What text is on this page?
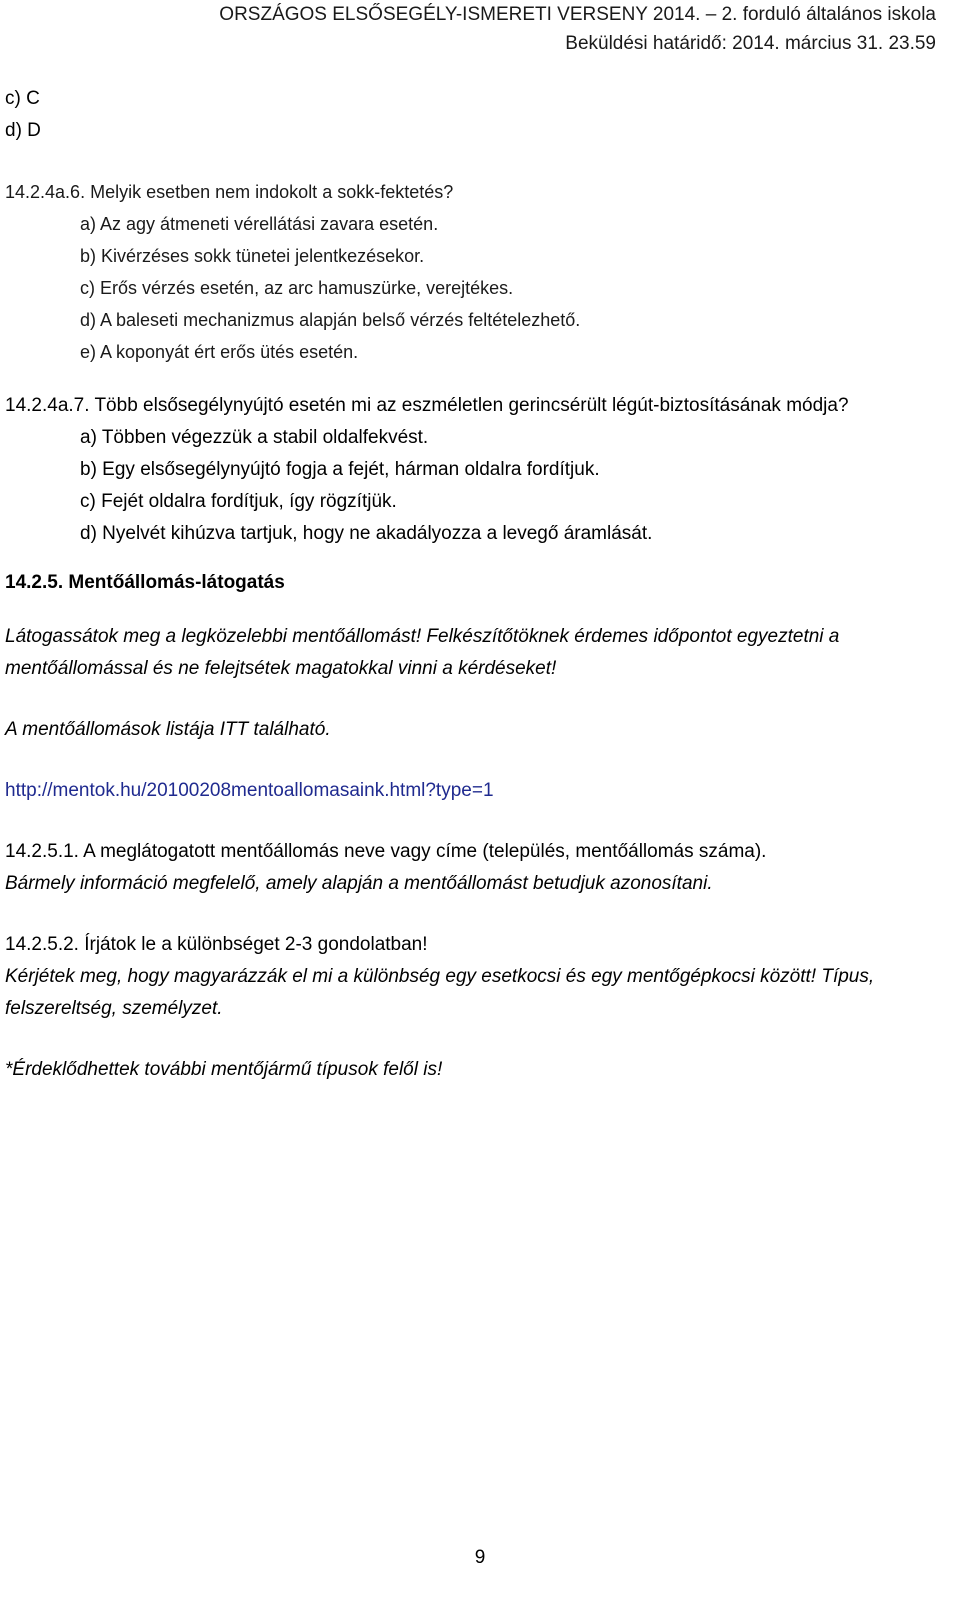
ORSZÁGOS ELSŐSEGÉLY-ISMERETI VERSENY 2014. – 2. forduló általános iskola
Beküldési határidő: 2014. március 31. 23.59
c) C
d) D
14.2.4a.6. Melyik esetben nem indokolt a sokk-fektetés?
a) Az agy átmeneti vérellátási zavara esetén.
b) Kivérzéses sokk tünetei jelentkezésekor.
c) Erős vérzés esetén, az arc hamuszürke, verejtékes.
d) A baleseti mechanizmus alapján belső vérzés feltételezhető.
e) A koponyát ért erős ütés esetén.
14.2.4a.7. Több elsősegélynyújtó esetén mi az eszméletlen gerincsérült légút-biztosításának módja?
a) Többen végezzük a stabil oldalfekvést.
b) Egy elsősegélynyújtó fogja a fejét, hárman oldalra fordítjuk.
c) Fejét oldalra fordítjuk, így rögzítjük.
d) Nyelvét kihúzva tartjuk, hogy ne akadályozza a levegő áramlását.
14.2.5. Mentőállomás-látogatás
Látogassátok meg a legközelebbi mentőállomást! Felkészítőtöknek érdemes időpontot egyeztetni a mentőállomással és ne felejtsétek magatokkal vinni a kérdéseket!
A mentőállomások listája ITT található.
http://mentok.hu/20100208mentoallomasaink.html?type=1
14.2.5.1. A meglátogatott mentőállomás neve vagy címe (település, mentőállomás száma).
Bármely információ megfelelő, amely alapján a mentőállomást betudjuk azonosítani.
14.2.5.2. Írjátok le a különbséget 2-3 gondolatban!
Kérjétek meg, hogy magyarázzák el mi a különbség egy esetkocsi és egy mentőgépkocsi között! Típus, felszereltség, személyzet.
*Érdeklődhettek további mentőjármű típusok felől is!
9
